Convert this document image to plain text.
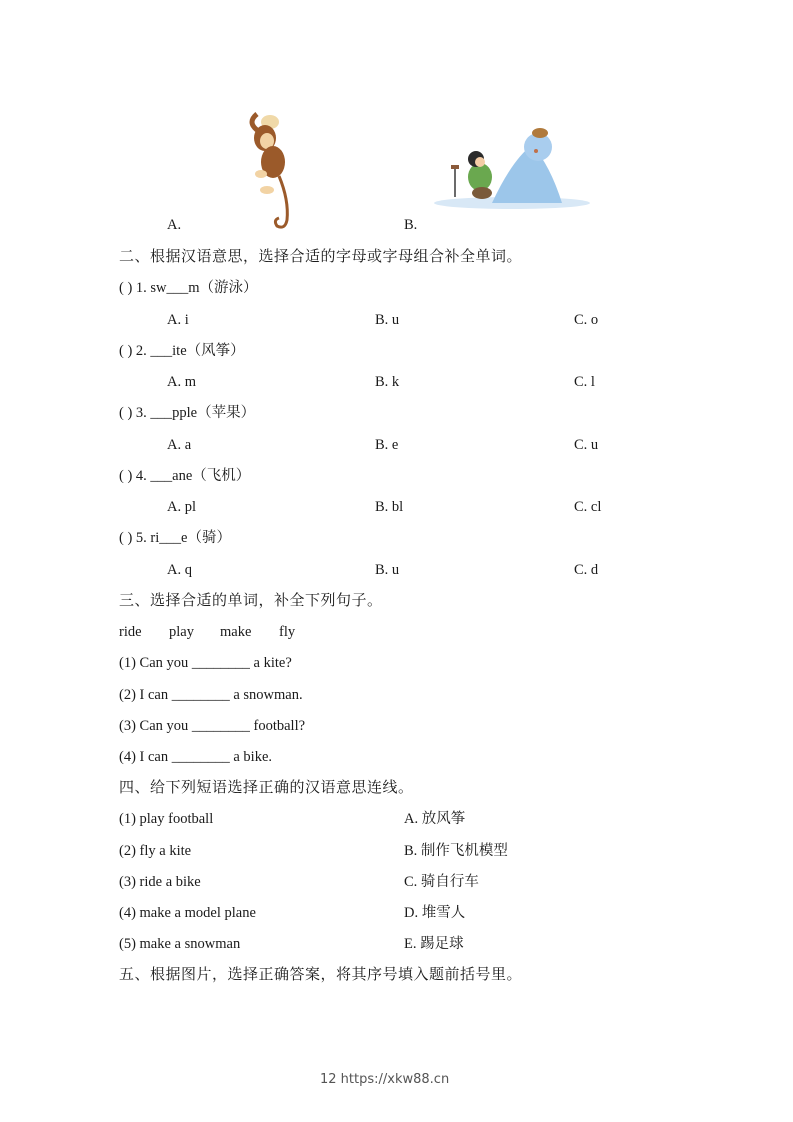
A.	B.
二、根据汉语意思，选择合适的字母或字母组合补全单词。
( ) 1. sw___m（游泳）
A. i	B. u	C. o
( ) 2. ___ite（风筝）
A. m	B. k	C. l
( ) 3. ___pple（苹果）
A. a	B. e	C. u
( ) 4. ___ane（飞机）
A. pl	B. bl	C. cl
( ) 5. ri___e（骑）
A. q	B. u	C. d
三、选择合适的单词，补全下列句子。
ride play make fly
(1) Can you ________ a kite?
(2) I can ________ a snowman.
(3) Can you ________ football?
(4) I can ________ a bike.
四、给下列短语选择正确的汉语意思连线。
(1) play football	A. 放风筝
(2) fly a kite	B. 制作飞机模型
(3) ride a bike	C. 骑自行车
(4) make a model plane	D. 堆雪人
(5) make a snowman	E. 踢足球
五、根据图片，选择正确答案，将其序号填入题前括号里。
12 https://xkw88.cn
